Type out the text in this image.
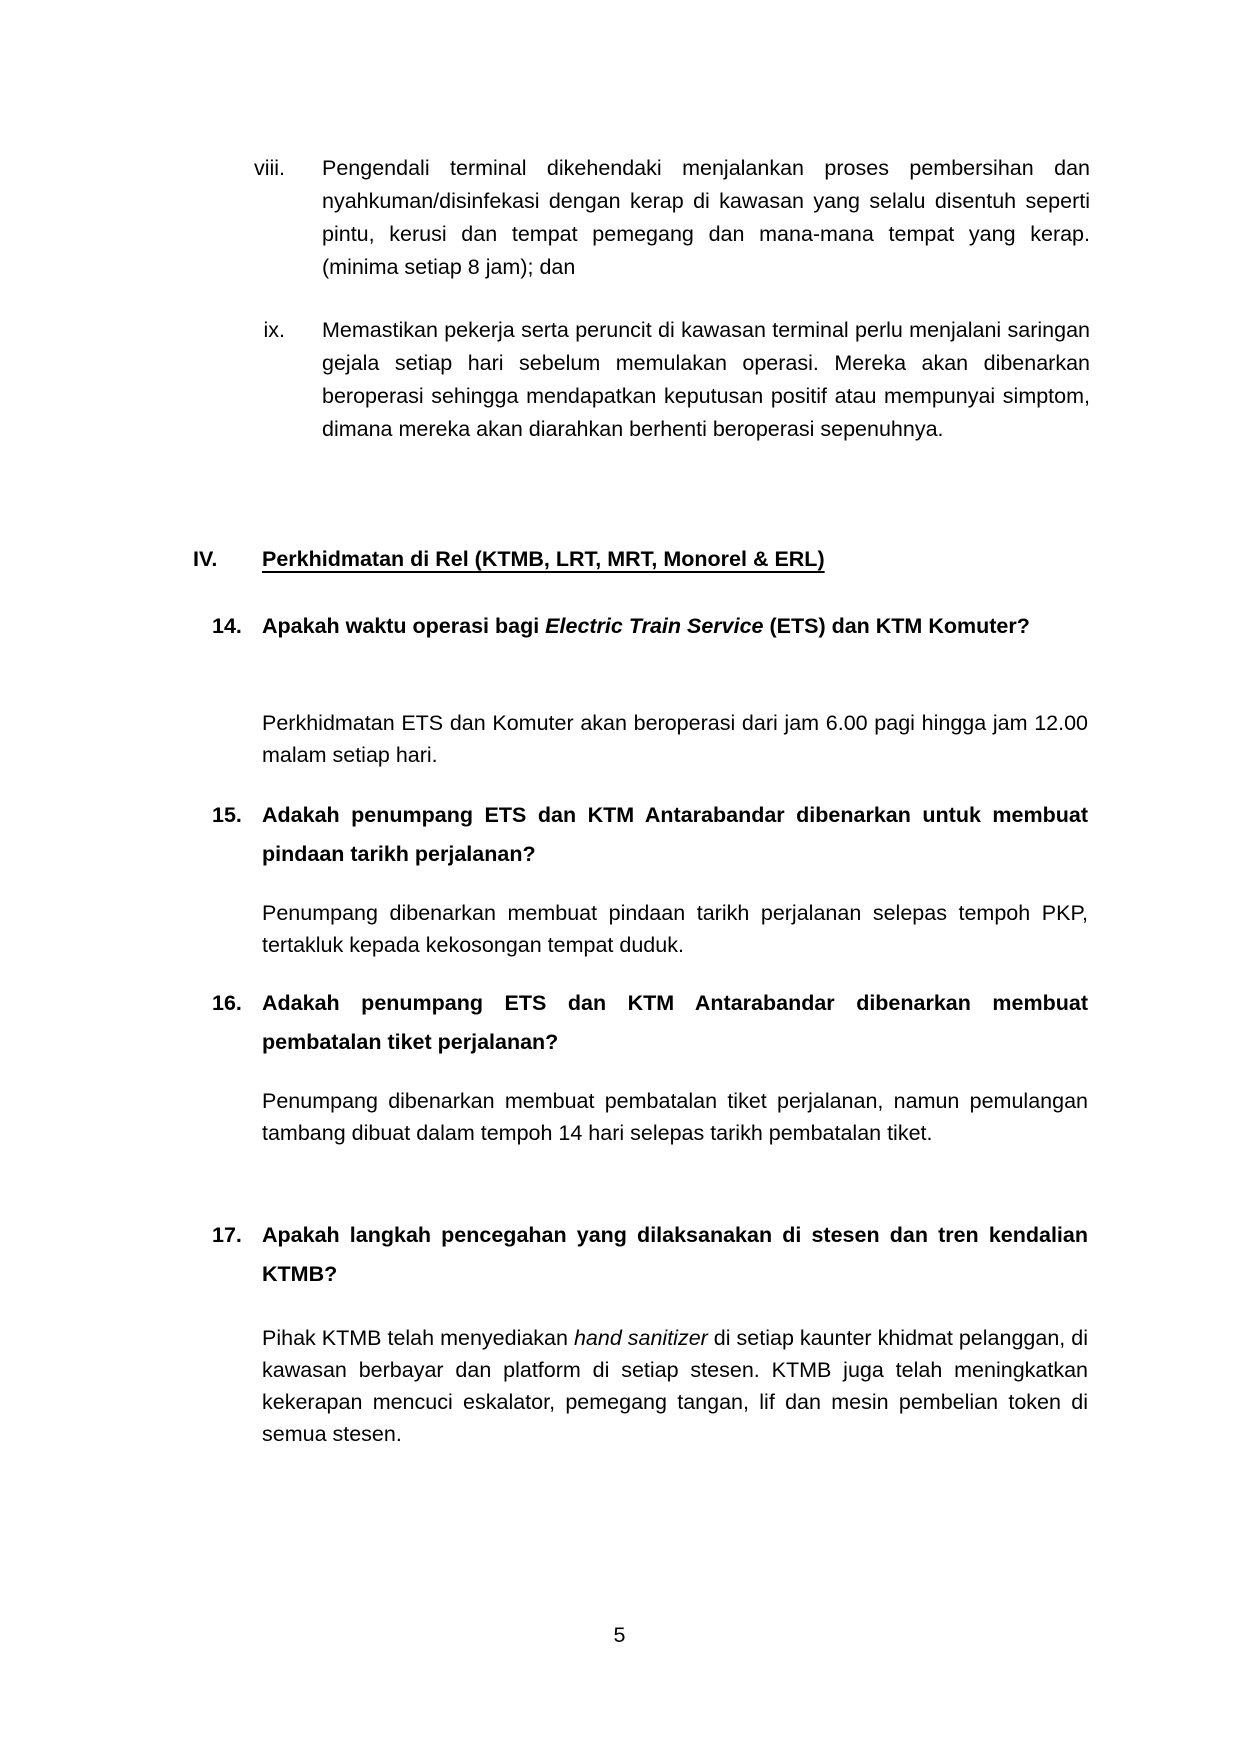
viii. Pengendali terminal dikehendaki menjalankan proses pembersihan dan nyahkuman/disinfekasi dengan kerap di kawasan yang selalu disentuh seperti pintu, kerusi dan tempat pemegang dan mana-mana tempat yang kerap. (minima setiap 8 jam); dan
ix. Memastikan pekerja serta peruncit di kawasan terminal perlu menjalani saringan gejala setiap hari sebelum memulakan operasi. Mereka akan dibenarkan beroperasi sehingga mendapatkan keputusan positif atau mempunyai simptom, dimana mereka akan diarahkan berhenti beroperasi sepenuhnya.
IV. Perkhidmatan di Rel (KTMB, LRT, MRT, Monorel & ERL)
14. Apakah waktu operasi bagi Electric Train Service (ETS) dan KTM Komuter?
Perkhidmatan ETS dan Komuter akan beroperasi dari jam 6.00 pagi hingga jam 12.00 malam setiap hari.
15. Adakah penumpang ETS dan KTM Antarabandar dibenarkan untuk membuat pindaan tarikh perjalanan?
Penumpang dibenarkan membuat pindaan tarikh perjalanan selepas tempoh PKP, tertakluk kepada kekosongan tempat duduk.
16. Adakah penumpang ETS dan KTM Antarabandar dibenarkan membuat pembatalan tiket perjalanan?
Penumpang dibenarkan membuat pembatalan tiket perjalanan, namun pemulangan tambang dibuat dalam tempoh 14 hari selepas tarikh pembatalan tiket.
17. Apakah langkah pencegahan yang dilaksanakan di stesen dan tren kendalian KTMB?
Pihak KTMB telah menyediakan hand sanitizer di setiap kaunter khidmat pelanggan, di kawasan berbayar dan platform di setiap stesen. KTMB juga telah meningkatkan kekerapan mencuci eskalator, pemegang tangan, lif dan mesin pembelian token di semua stesen.
5
